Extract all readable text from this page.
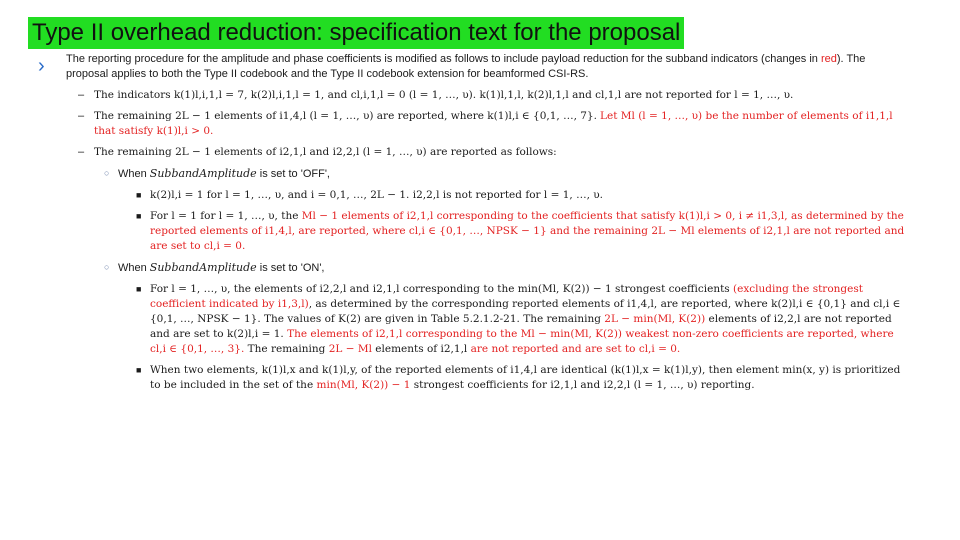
Type II overhead reduction: specification text for the proposal
› The reporting procedure for the amplitude and phase coefficients is modified as follows to include payload reduction for the subband indicators (changes in red). The proposal applies to both the Type II codebook and the Type II codebook extension for beamformed CSI-RS.

– The indicators k(1)l,i,1,l = 7, k(2)l,i,1,l = 1, and cl,i,1,l = 0 (l = 1, …, υ). k(1)l,1,l, k(2)l,1,l and cl,1,l are not reported for l = 1, …, υ.
– The remaining 2L − 1 elements of i1,4,l (l = 1, …, υ) are reported, where k(1)l,i ∈ {0,1, …, 7}. Let Ml (l = 1, …, υ) be the number of elements of i1,1,l that satisfy k(1)l,i > 0.
– The remaining 2L − 1 elements of i2,1,l and i2,2,l (l = 1, …, υ) are reported as follows:
○ When SubbandAmplitude is set to 'OFF',
■ k(2)l,i = 1 for l = 1, …, υ, and i = 0,1, …, 2L − 1. i2,2,l is not reported for l = 1, …, υ.
■ For l = 1 for l = 1, …, υ, the Ml − 1 elements of i2,1,l corresponding to the coefficients that satisfy k(1)l,i > 0, i ≠ i1,3,l, as determined by the reported elements of i1,4,l, are reported, where cl,i ∈ {0,1, …, NPSK − 1} and the remaining 2L − Ml elements of i2,1,l are not reported and are set to cl,i = 0.
○ When SubbandAmplitude is set to 'ON',
■ For l = 1, …, υ, the elements of i2,2,l and i2,1,l corresponding to the min(Ml, K(2)) − 1 strongest coefficients (excluding the strongest coefficient indicated by i1,3,l), as determined by the corresponding reported elements of i1,4,l, are reported, where k(2)l,i ∈ {0,1} and cl,i ∈ {0,1, …, NPSK − 1}. The values of K(2) are given in Table 5.2.1.2-21. The remaining 2L − min(Ml, K(2)) elements of i2,2,l are not reported and are set to k(2)l,i = 1. The elements of i2,1,l corresponding to the Ml − min(Ml, K(2)) weakest non-zero coefficients are reported, where cl,i ∈ {0,1, …, 3}. The remaining 2L − Ml elements of i2,1,l are not reported and are set to cl,i = 0.
■ When two elements, k(1)l,x and k(1)l,y, of the reported elements of i1,4,l are identical (k(1)l,x = k(1)l,y), then element min(x, y) is prioritized to be included in the set of the min(Ml, K(2)) − 1 strongest coefficients for i2,1,l and i2,2,l (l = 1, …, υ) reporting.
